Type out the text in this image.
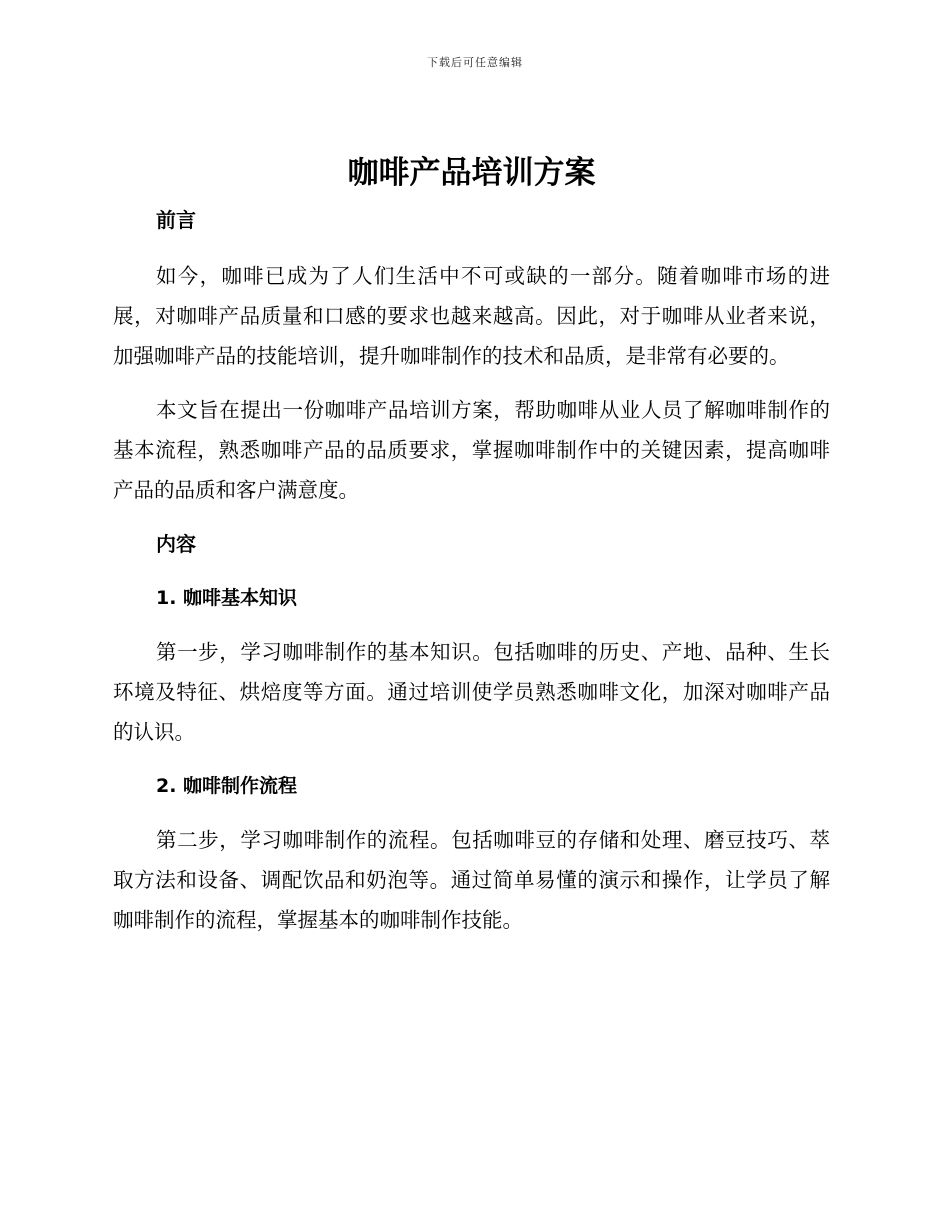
下载后可任意编辑
咖啡产品培训方案
前言

如今，咖啡已成为了人们生活中不可或缺的一部分。随着咖啡市场的进展，对咖啡产品质量和口感的要求也越来越高。因此，对于咖啡从业者来说，加强咖啡产品的技能培训，提升咖啡制作的技术和品质，是非常有必要的。

本文旨在提出一份咖啡产品培训方案，帮助咖啡从业人员了解咖啡制作的基本流程，熟悉咖啡产品的品质要求，掌握咖啡制作中的关键因素，提高咖啡产品的品质和客户满意度。

内容
1. 咖啡基本知识

第一步，学习咖啡制作的基本知识。包括咖啡的历史、产地、品种、生长环境及特征、烘焙度等方面。通过培训使学员熟悉咖啡文化，加深对咖啡产品的认识。

2. 咖啡制作流程

第二步，学习咖啡制作的流程。包括咖啡豆的存储和处理、磨豆技巧、萃取方法和设备、调配饮品和奶泡等。通过简单易懂的演示和操作，让学员了解咖啡制作的流程，掌握基本的咖啡制作技能。
